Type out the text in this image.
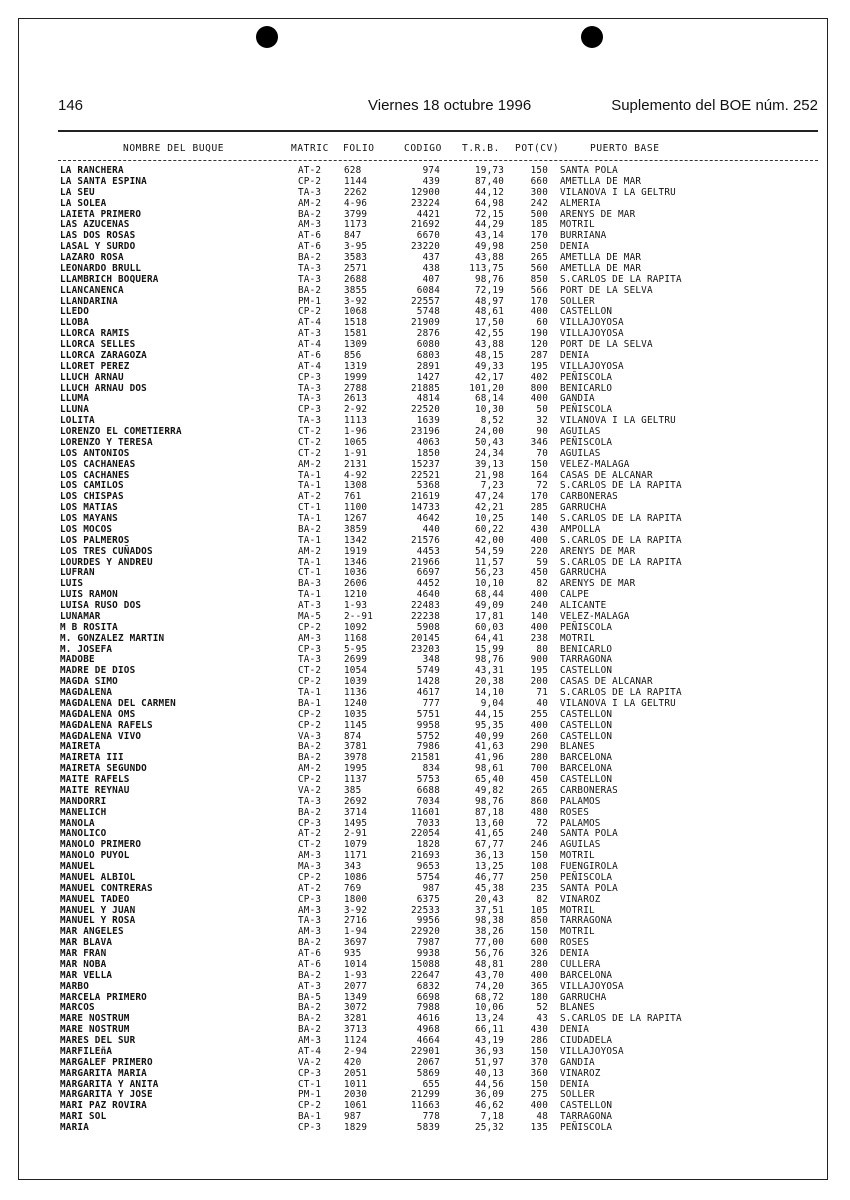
146	Viernes 18 octubre 1996	Suplemento del BOE núm. 252
NOMBRE DEL BUQUE	MATRIC FOLIO	CODIGO T.R.B. POT(CV)	PUERTO BASE
LA RANCHERA	AT-2 628	974	19,73	150 SANTA POLA
LA SANTA ESPINA	CP-2 1144	439	87,40	660 AMETLLA DE MAR
LA SEU	TA-3 2262	12900	44,12	300 VILANOVA I LA GELTRU
LA SOLEA	AM-2 4-96	23224	64,98	242 ALMERIA
LAIETA PRIMERO	BA-2 3799	4421	72,15	500 ARENYS DE MAR
LAS AZUCENAS	AM-3 1173	21692	44,29	185 MOTRIL
LAS DOS ROSAS	AT-6 847	6670	43,14	170 BURRIANA
LASAL Y SURDO	AT-6 3-95	23220	49,98	250 DENIA
LAZARO ROSA	BA-2 3583	437	43,88	265 AMETLLA DE MAR
LEONARDO BRULL	TA-3 2571	438	113,75	560 AMETLLA DE MAR
LLAMBRICH BOQUERA	TA-3 2688	407	98,76	850 S.CARLOS DE LA RAPITA
LLANCANENCA	BA-2 3855	6084	72,19	566 PORT DE LA SELVA
LLANDARINA	PM-1 3-92	22557	48,97	170 SOLLER
LLEDO	CP-2 1068	5748	48,61	400 CASTELLON
LLOBA	AT-4 1518	21909	17,50	60 VILLAJOYOSA
LLORCA RAMIS	AT-3 1581	2876	42,55	190 VILLAJOYOSA
LLORCA SELLES	AT-4 1309	6080	43,88	120 PORT DE LA SELVA
LLORCA ZARAGOZA	AT-6 856	6803	48,15	287 DENIA
LLORET PEREZ	AT-4 1319	2891	49,33	195 VILLAJOYOSA
LLUCH ARNAU	CP-3 1999	1427	42,17	402 PEÑISCOLA
LLUCH ARNAU DOS	TA-3 2788	21885	101,20	800 BENICARLO
LLUMA	TA-3 2613	4814	68,14	400 GANDIA
LLUNA	CP-3 2-92	22520	10,30	50 PEÑISCOLA
LOLITA	TA-3 1113	1639	8,52	32 VILANOVA I LA GELTRU
LORENZO EL COMETIERRA	CT-2 1-96	23196	24,00	90 AGUILAS
LORENZO Y TERESA	CT-2 1065	4063	50,43	346 PEÑISCOLA
LOS ANTONIOS	CT-2 1-91	1850	24,34	70 AGUILAS
LOS CACHANEAS	AM-2 2131	15237	39,13	150 VELEZ-MALAGA
LOS CACHANES	TA-1 4-92	22521	21,98	164 CASAS DE ALCANAR
LOS CAMILOS	TA-1 1308	5368	7,23	72 S.CARLOS DE LA RAPITA
LOS CHISPAS	AT-2 761	21619	47,24	170 CARBONERAS
LOS MATIAS	CT-1 1100	14733	42,21	285 GARRUCHA
LOS MAYANS	TA-1 1267	4642	10,25	140 S.CARLOS DE LA RAPITA
LOS MOCOS	BA-2 3859	440	60,22	430 AMPOLLA
LOS PALMEROS	TA-1 1342	21576	42,00	400 S.CARLOS DE LA RAPITA
LOS TRES CUÑADOS	AM-2 1919	4453	54,59	220 ARENYS DE MAR
LOURDES Y ANDREU	TA-1 1346	21966	11,57	59 S.CARLOS DE LA RAPITA
LUFRAN	CT-1 1036	6697	56,23	450 GARRUCHA
LUIS	BA-3 2606	4452	10,10	82 ARENYS DE MAR
LUIS RAMON	TA-1 1210	4640	68,44	400 CALPE
LUISA RUSO DOS	AT-3 1-93	22483	49,09	240 ALICANTE
LUNAMAR	MA-5 2--91	22238	17,81	140 VELEZ-MALAGA
M B ROSITA	CP-2 1092	5908	60,03	400 PEÑISCOLA
M. GONZALEZ MARTIN	AM-3 1168	20145	64,41	238 MOTRIL
M. JOSEFA	CP-3 5-95	23203	15,99	80 BENICARLO
MADOBE	TA-3 2699	348	98,76	900 TARRAGONA
MADRE DE DIOS	CT-2 1054	5749	43,31	195 CASTELLON
MAGDA SIMO	CP-2 1039	1428	20,38	200 CASAS DE ALCANAR
MAGDALENA	TA-1 1136	4617	14,10	71 S.CARLOS DE LA RAPITA
MAGDALENA DEL CARMEN	BA-1 1240	777	9,04	40 VILANOVA I LA GELTRU
MAGDALENA OMS	CP-2 1035	5751	44,15	255 CASTELLON
MAGDALENA RAFELS	CP-2 1145	9958	95,35	400 CASTELLON
MAGDALENA VIVO	VA-3 874	5752	40,99	260 CASTELLON
MAIRETA	BA-2 3781	7986	41,63	290 BLANES
MAIRETA III	BA-2 3978	21581	41,96	280 BARCELONA
MAIRETA SEGUNDO	AM-2 1995	834	98,61	700 BARCELONA
MAITE RAFELS	CP-2 1137	5753	65,40	450 CASTELLON
MAITE REYNAU	VA-2 385	6688	49,82	265 CARBONERAS
MANDORRI	TA-3 2692	7034	98,76	860 PALAMOS
MANELICH	BA-2 3714	11601	87,18	480 ROSES
MANOLA	CP-3 1495	7033	13,60	72 PALAMOS
MANOLICO	AT-2 2-91	22054	41,65	240 SANTA POLA
MANOLO PRIMERO	CT-2 1079	1828	67,77	246 AGUILAS
MANOLO PUYOL	AM-3 1171	21693	36,13	150 MOTRIL
MANUEL	MA-3 343	9653	13,25	108 FUENGIROLA
MANUEL ALBIOL	CP-2 1086	5754	46,77	250 PEÑISCOLA
MANUEL CONTRERAS	AT-2 769	987	45,38	235 SANTA POLA
MANUEL TADEO	CP-3 1800	6375	20,43	82 VINAROZ
MANUEL Y JUAN	AM-3 3-92	22533	37,51	105 MOTRIL
MANUEL Y ROSA	TA-3 2716	9956	98,38	850 TARRAGONA
MAR ANGELES	AM-3 1-94	22920	38,26	150 MOTRIL
MAR BLAVA	BA-2 3697	7987	77,00	600 ROSES
MAR FRAN	AT-6 935	9938	56,76	326 DENIA
MAR NOBA	AT-6 1014	15088	48,81	280 CULLERA
MAR VELLA	BA-2 1-93	22647	43,70	400 BARCELONA
MARBO	AT-3 2077	6832	74,20	365 VILLAJOYOSA
MARCELA PRIMERO	BA-5 1349	6698	68,72	180 GARRUCHA
MARCOS	BA-2 3072	7988	10,06	52 BLANES
MARE NOSTRUM	BA-2 3281	4616	13,24	43 S.CARLOS DE LA RAPITA
MARE NOSTRUM	BA-2 3713	4968	66,11	430 DENIA
MARES DEL SUR	AM-3 1124	4664	43,19	286 CIUDADELA
MARFILEñA	AT-4 2-94	22901	36,93	150 VILLAJOYOSA
MARGALEF PRIMERO	VA-2 420	2067	51,97	370 GANDIA
MARGARITA MARIA	CP-3 2051	5869	40,13	360 VINAROZ
MARGARITA Y ANITA	CT-1 1011	655	44,56	150 DENIA
MARGARITA Y JOSE	PM-1 2030	21299	36,09	275 SOLLER
MARI PAZ ROVIRA	CP-2 1061	11663	46,62	400 CASTELLON
MARI SOL	BA-1 987	778	7,18	48 TARRAGONA
MARIA	CP-3 1829	5839	25,32	135 PEÑISCOLA
